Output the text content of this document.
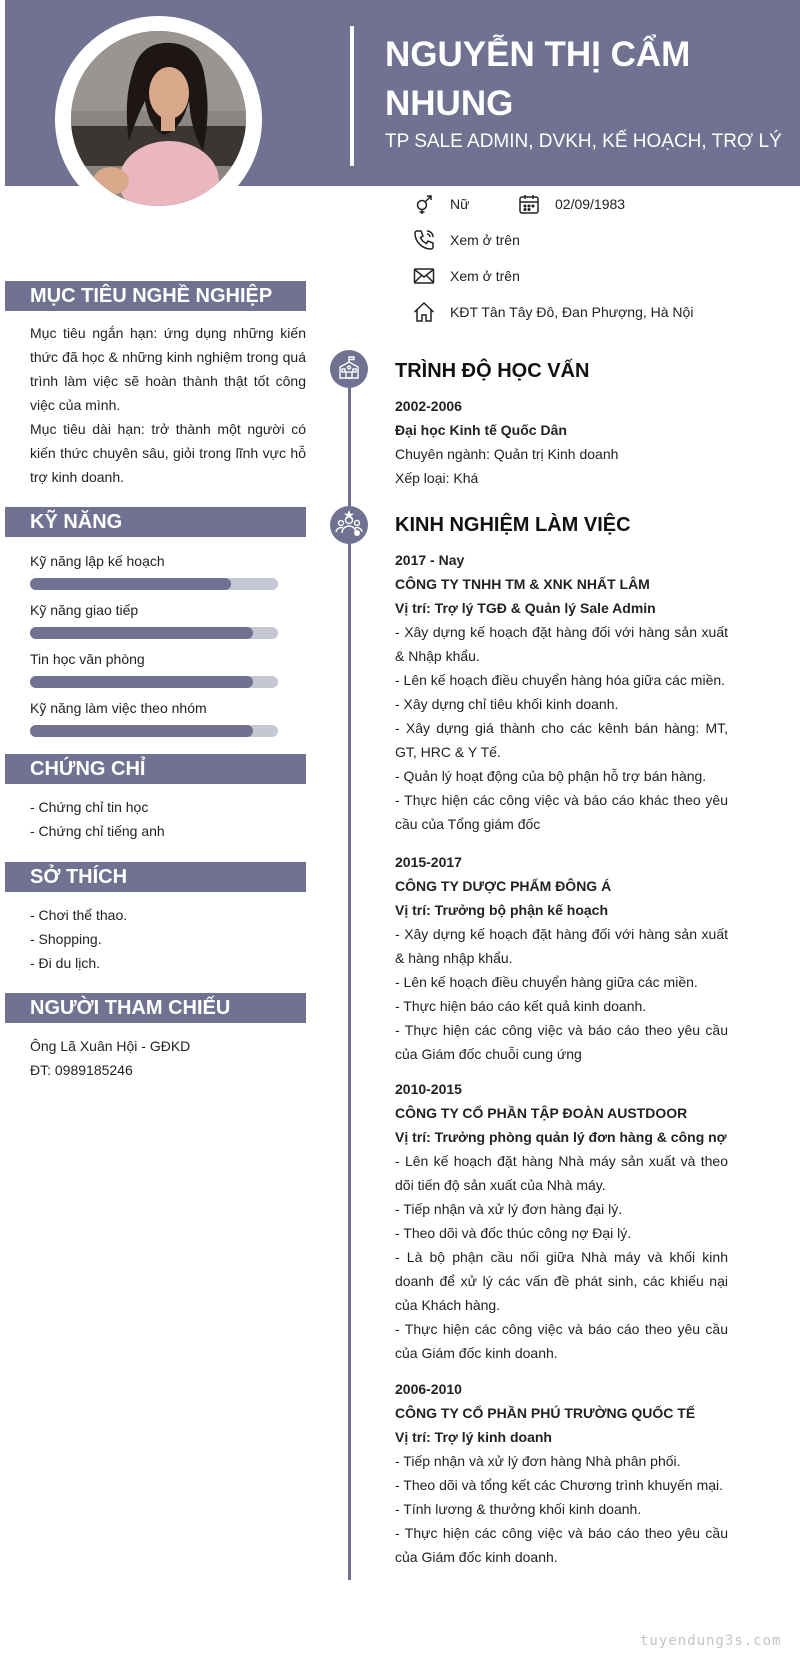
NGUYỄN THỊ CẨM NHUNG
TP SALE ADMIN, DVKH, KẾ HOẠCH, TRỢ LÝ
Nữ	02/09/1983
Xem ở trên
Xem ở trên
KĐT Tân Tây Đô, Đan Phượng, Hà Nội
MỤC TIÊU NGHỀ NGHIỆP
Mục tiêu ngắn hạn: ứng dụng những kiến thức đã học & những kinh nghiệm trong quá trình làm việc sẽ hoàn thành thật tốt công việc của mình.
Mục tiêu dài hạn: trở thành một người có kiến thức chuyên sâu, giỏi trong lĩnh vực hỗ trợ kinh doanh.
KỸ NĂNG
Kỹ năng lập kế hoạch
Kỹ năng giao tiếp
Tin học văn phòng
Kỹ năng làm việc theo nhóm
CHỨNG CHỈ
- Chứng chỉ tin học
- Chứng chỉ tiếng anh
SỞ THÍCH
- Chơi thể thao.
- Shopping.
- Đi du lịch.
NGƯỜI THAM CHIẾU
Ông Lã Xuân Hội - GĐKD
ĐT: 0989185246
TRÌNH ĐỘ HỌC VẤN
2002-2006
Đại học Kinh tế Quốc Dân
Chuyên ngành: Quản trị Kinh doanh
Xếp loại: Khá
KINH NGHIỆM LÀM VIỆC
2017 - Nay
CÔNG TY TNHH TM & XNK NHẤT LÂM
Vị trí: Trợ lý TGĐ & Quản lý Sale Admin
- Xây dựng kế hoạch đặt hàng đối với hàng sản xuất & Nhập khẩu.
- Lên kế hoạch điều chuyển hàng hóa giữa các miền.
- Xây dựng chỉ tiêu khối kinh doanh.
- Xây dựng giá thành cho các kênh bán hàng: MT, GT, HRC & Y Tế.
- Quản lý hoạt động của bộ phận hỗ trợ bán hàng.
- Thực hiện các công việc và báo cáo khác theo yêu cầu của Tổng giám đốc
2015-2017
CÔNG TY DƯỢC PHẨM ĐÔNG Á
Vị trí: Trưởng bộ phận kế hoạch
- Xây dựng kế hoạch đặt hàng đối với hàng sản xuất & hàng nhập khẩu.
- Lên kế hoạch điều chuyển hàng giữa các miền.
- Thực hiện báo cáo kết quả kinh doanh.
- Thực hiện các công việc và báo cáo theo yêu cầu của Giám đốc chuỗi cung ứng
2010-2015
CÔNG TY CỔ PHẦN TẬP ĐOÀN AUSTDOOR
Vị trí: Trưởng phòng quản lý đơn hàng & công nợ
- Lên kế hoạch đặt hàng Nhà máy sản xuất và theo dõi tiến độ sản xuất của Nhà máy.
- Tiếp nhận và xử lý đơn hàng đại lý.
- Theo dõi và đốc thúc công nợ Đại lý.
- Là bộ phận cầu nối giữa Nhà máy và khối kinh doanh để xử lý các vấn đề phát sinh, các khiếu nại của Khách hàng.
- Thực hiện các công việc và báo cáo theo yêu cầu của Giám đốc kinh doanh.
2006-2010
CÔNG TY CỔ PHẦN PHÚ TRƯỜNG QUỐC TẾ
Vị trí: Trợ lý kinh doanh
- Tiếp nhận và xử lý đơn hàng Nhà phân phối.
- Theo dõi và tổng kết các Chương trình khuyến mại.
- Tính lương & thưởng khối kinh doanh.
- Thực hiện các công việc và báo cáo theo yêu cầu của Giám đốc kinh doanh.
tuyendung3s.com
